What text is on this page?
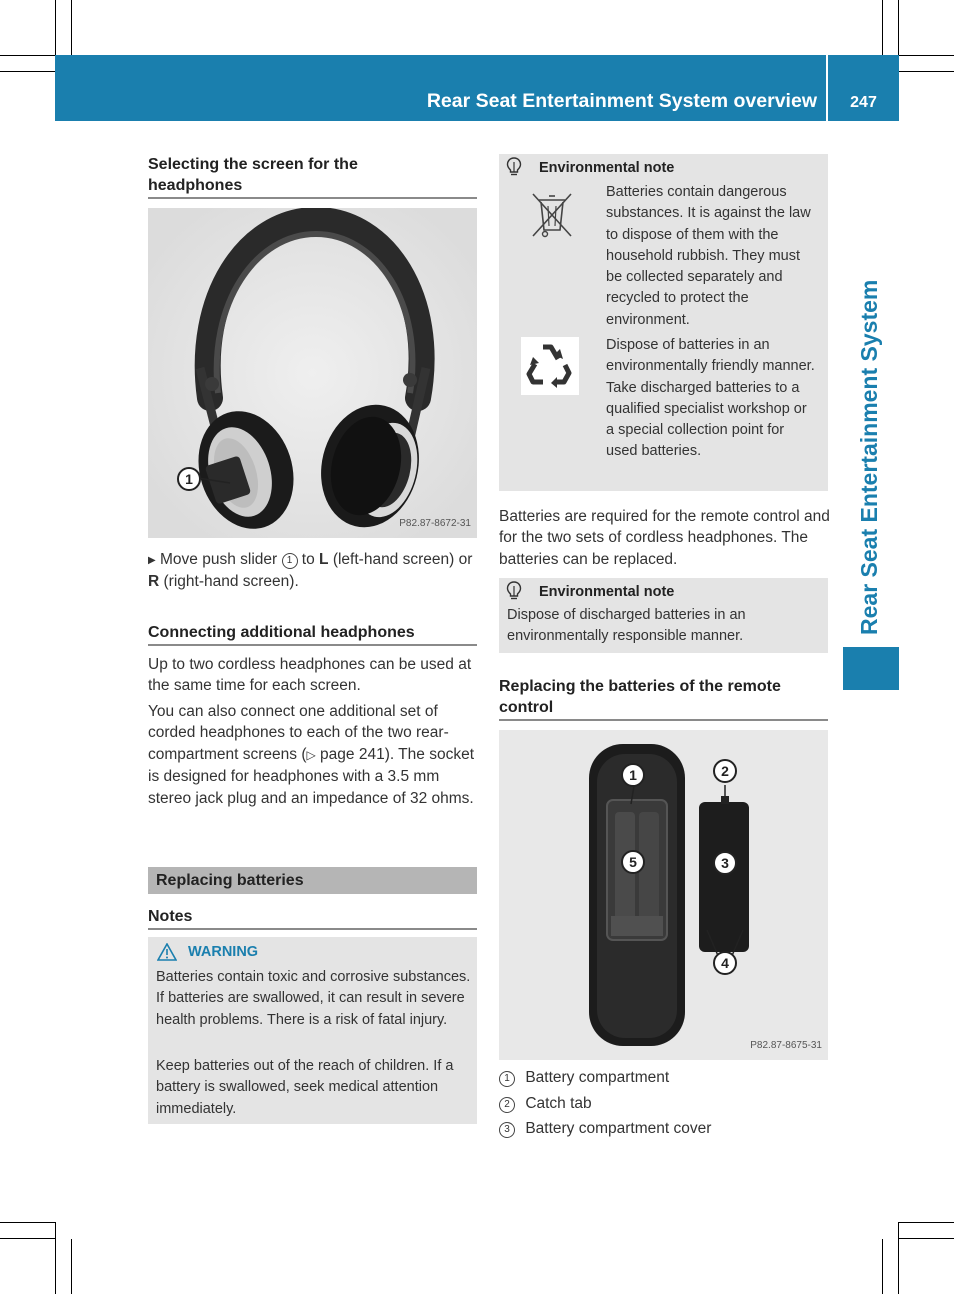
Rear Seat Entertainment System overview	247
Rear Seat Entertainment System
Selecting the screen for the headphones
1
P82.87-8672-31
▶ Move push slider 1 to L (left-hand screen) or R (right-hand screen).
Connecting additional headphones

Up to two cordless headphones can be used at the same time for each screen.

You can also connect one additional set of corded headphones to each of the two rear-compartment screens (▷ page 241). The socket is designed for headphones with a 3.5 mm stereo jack plug and an impedance of 32 ohms.

Replacing batteries
Notes
WARNING

Batteries contain toxic and corrosive substances. If batteries are swallowed, it can result in severe health problems. There is a risk of fatal injury.

Keep batteries out of the reach of children. If a battery is swallowed, seek medical attention immediately.

Environmental note

Batteries contain dangerous substances. It is against the law to dispose of them with the household rubbish. They must be collected separately and recycled to protect the environment.

Dispose of batteries in an environmentally friendly manner. Take discharged batteries to a qualified specialist workshop or a special collection point for used batteries.

Batteries are required for the remote control and for the two sets of cordless headphones. The batteries can be replaced.

Environmental note

Dispose of discharged batteries in an environmentally responsible manner.

Replacing the batteries of the remote control
1	2
3
4
5
P82.87-8675-31
1 Battery compartment
2 Catch tab
3 Battery compartment cover
